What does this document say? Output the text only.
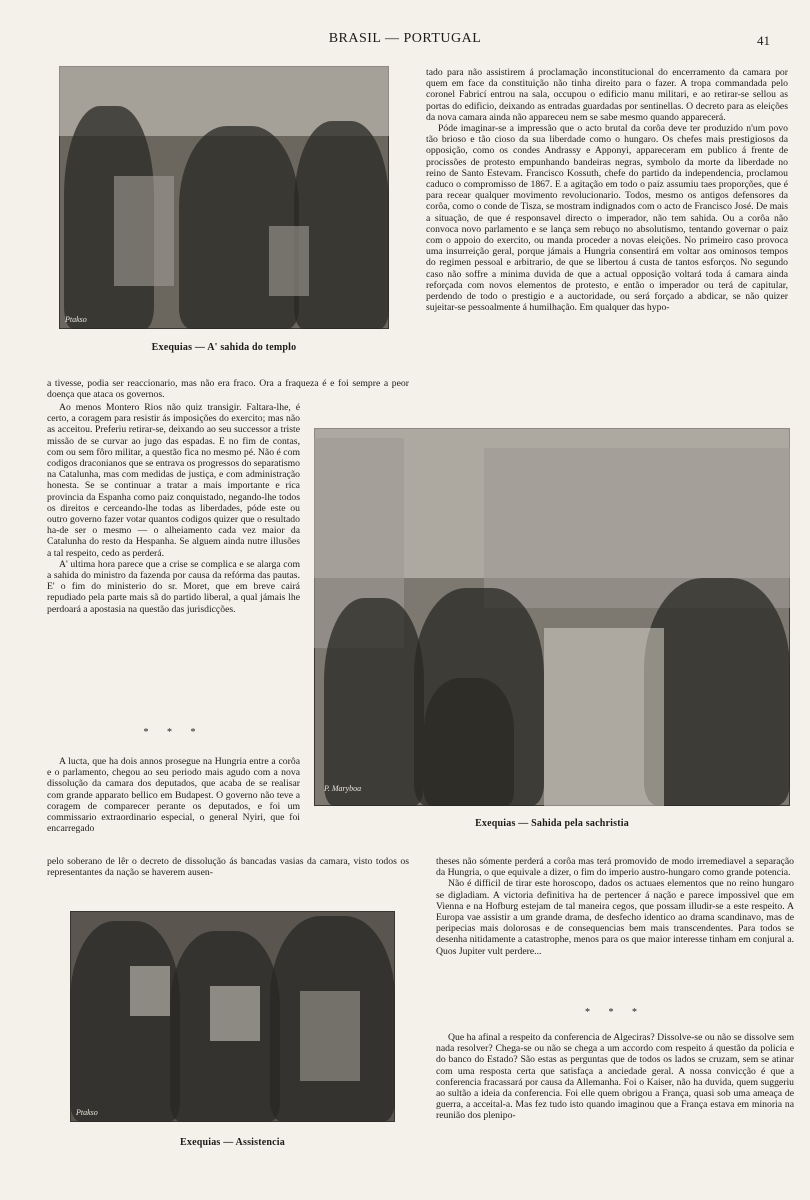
BRASIL — PORTUGAL	41
Ptakso
Exequias — A' sahida do templo

tado para não assistirem á proclamação inconstitucional do encerramento da camara por quem em face da constituição não tinha direito para o fazer. A tropa commandada pelo coronel Fabricí entrou na sala, occupou o edificio manu militari, e ao retirar-se sellou as portas do edificio, deixando as entradas guardadas por sentinellas. O decreto para as eleições da nova camara ainda não appareceu nem se sabe mesmo quando apparecerá.

Póde imaginar-se a impressão que o acto brutal da corôa deve ter produzido n'um povo tão brioso e tão cioso da sua liberdade como o hungaro. Os chefes mais prestigiosos da opposição, como os condes Andrassy e Apponyi, appareceram em publico á frente de procissões de protesto empunhando bandeiras negras, symbolo da morte da liberdade no reino de Santo Estevam. Francisco Kossuth, chefe do partido da independencia, proclamou caduco o compromisso de 1867. E a agitação em todo o paiz assumiu taes proporções, que é para recear qualquer movimento revolucionario. Todos, mesmo os antigos defensores da corôa, como o conde de Tisza, se mostram indignados com o acto de Francisco José. De mais a situação, de que é responsavel directo o imperador, não tem sahida. Ou a corôa não convoca novo parlamento e se lança sem rebuço no absolutismo, tentando governar o paiz com o appoio do exercito, ou manda proceder a novas eleições. No primeiro caso provoca uma insurreição geral, porque jámais a Hungria consentirá em voltar aos ominosos tempos do regimen pessoal e arbitrario, de que se libertou á custa de tantos esforços. No segundo caso não soffre a minima duvida de que a actual opposição voltará toda á camara ainda reforçada com novos elementos de protesto, e então o imperador ou terá de capitular, perdendo de todo o prestigio e a auctoridade, ou será forçado a abdicar, se não quizer sujeitar-se pessoalmente á humilhação. Em qualquer das hypo-

a tivesse, podia ser reaccionario, mas não era fraco. Ora a fraqueza é e foi sempre a peor doença que ataca os governos.

Ao menos Montero Rios não quiz transigir. Faltara-lhe, é certo, a coragem para resistir ás imposições do exercito; mas não as acceitou. Preferiu retirar-se, deixando ao seu successor a triste missão de se curvar ao jugo das espadas. E no fim de contas, com ou sem fôro militar, a questão fica no mesmo pé. Não é com codigos draconianos que se entrava os progressos do separatismo na Catalunha, mas com medidas de justiça, e com administração honesta. Se se continuar a tratar a mais importante e rica provincia da Espanha como paiz conquistado, negando-lhe todos os direitos e cerceando-lhe todas as liberdades, póde este ou outro governo fazer votar quantos codigos quizer que o resultado ha-de ser o mesmo — o alheiamento cada vez maior da Catalunha do resto da Hespanha. Se alguem ainda nutre illusões a tal respeito, cedo as perderá.

A' ultima hora parece que a crise se complica e se alarga com a sahida do ministro da fazenda por causa da refórma das pautas. E' o fim do ministerio do sr. Moret, que em breve cairá repudiado pela parte mais sã do partido liberal, a qual jámais lhe perdoará a apostasia na questão das jurisdicções.

* * *

A lucta, que ha dois annos prosegue na Hungria entre a corôa e o parlamento, chegou ao seu periodo mais agudo com a nova dissolução da camara dos deputados, que acaba de se realisar com grande apparato bellico em Budapest. O governo não teve a coragem de comparecer perante os deputados, e foi um commissario extraordinario especial, o general Nyiri, que foi encarregado

pelo soberano de lêr o decreto de dissolução ás bancadas vasias da camara, visto todos os representantes da nação se haverem ausen-

P. Maryboa
Exequias — Sahida pela sachristia

theses não sómente perderá a corôa mas terá promovido de modo irremediavel a separação da Hungria, o que equivale a dizer, o fim do imperio austro-hungaro como grande potencia.

Não é difficil de tirar este horoscopo, dados os actuaes elementos que no reino hungaro se digladiam. A victoria definitiva ha de pertencer á nação e parece impossivel que em Vienna e na Hofburg estejam de tal maneira cegos, que possam illudir-se a este respeito. A Europa vae assistir a um grande drama, de desfecho identico ao drama scandinavo, mas de peripecias mais dolorosas e de consequencias bem mais transcendentes. Para todos se desenha nitidamente a catastrophe, menos para os que maior interesse tinham em conjural a. Quos Jupiter vult perdere...

* * *

Que ha afinal a respeito da conferencia de Algeciras? Dissolve-se ou não se dissolve sem nada resolver? Chega-se ou não se chega a um accordo com respeito á questão da policia e do banco do Estado? São estas as perguntas que de todos os lados se cruzam, sem se atinar com uma resposta certa que satisfaça a anciedade geral. A nossa convicção é que a conferencia fracassará por causa da Allemanha. Foi o Kaiser, não ha duvida, quem suggeriu ao sultão a ideia da conferencia. Foi elle quem obrigou a França, quasi sob uma ameaça de guerra, a acceital-a. Mas fez tudo isto quando imaginou que a França estava em minoria na reunião dos plenipo-

Ptakso
Exequias — Assistencia
